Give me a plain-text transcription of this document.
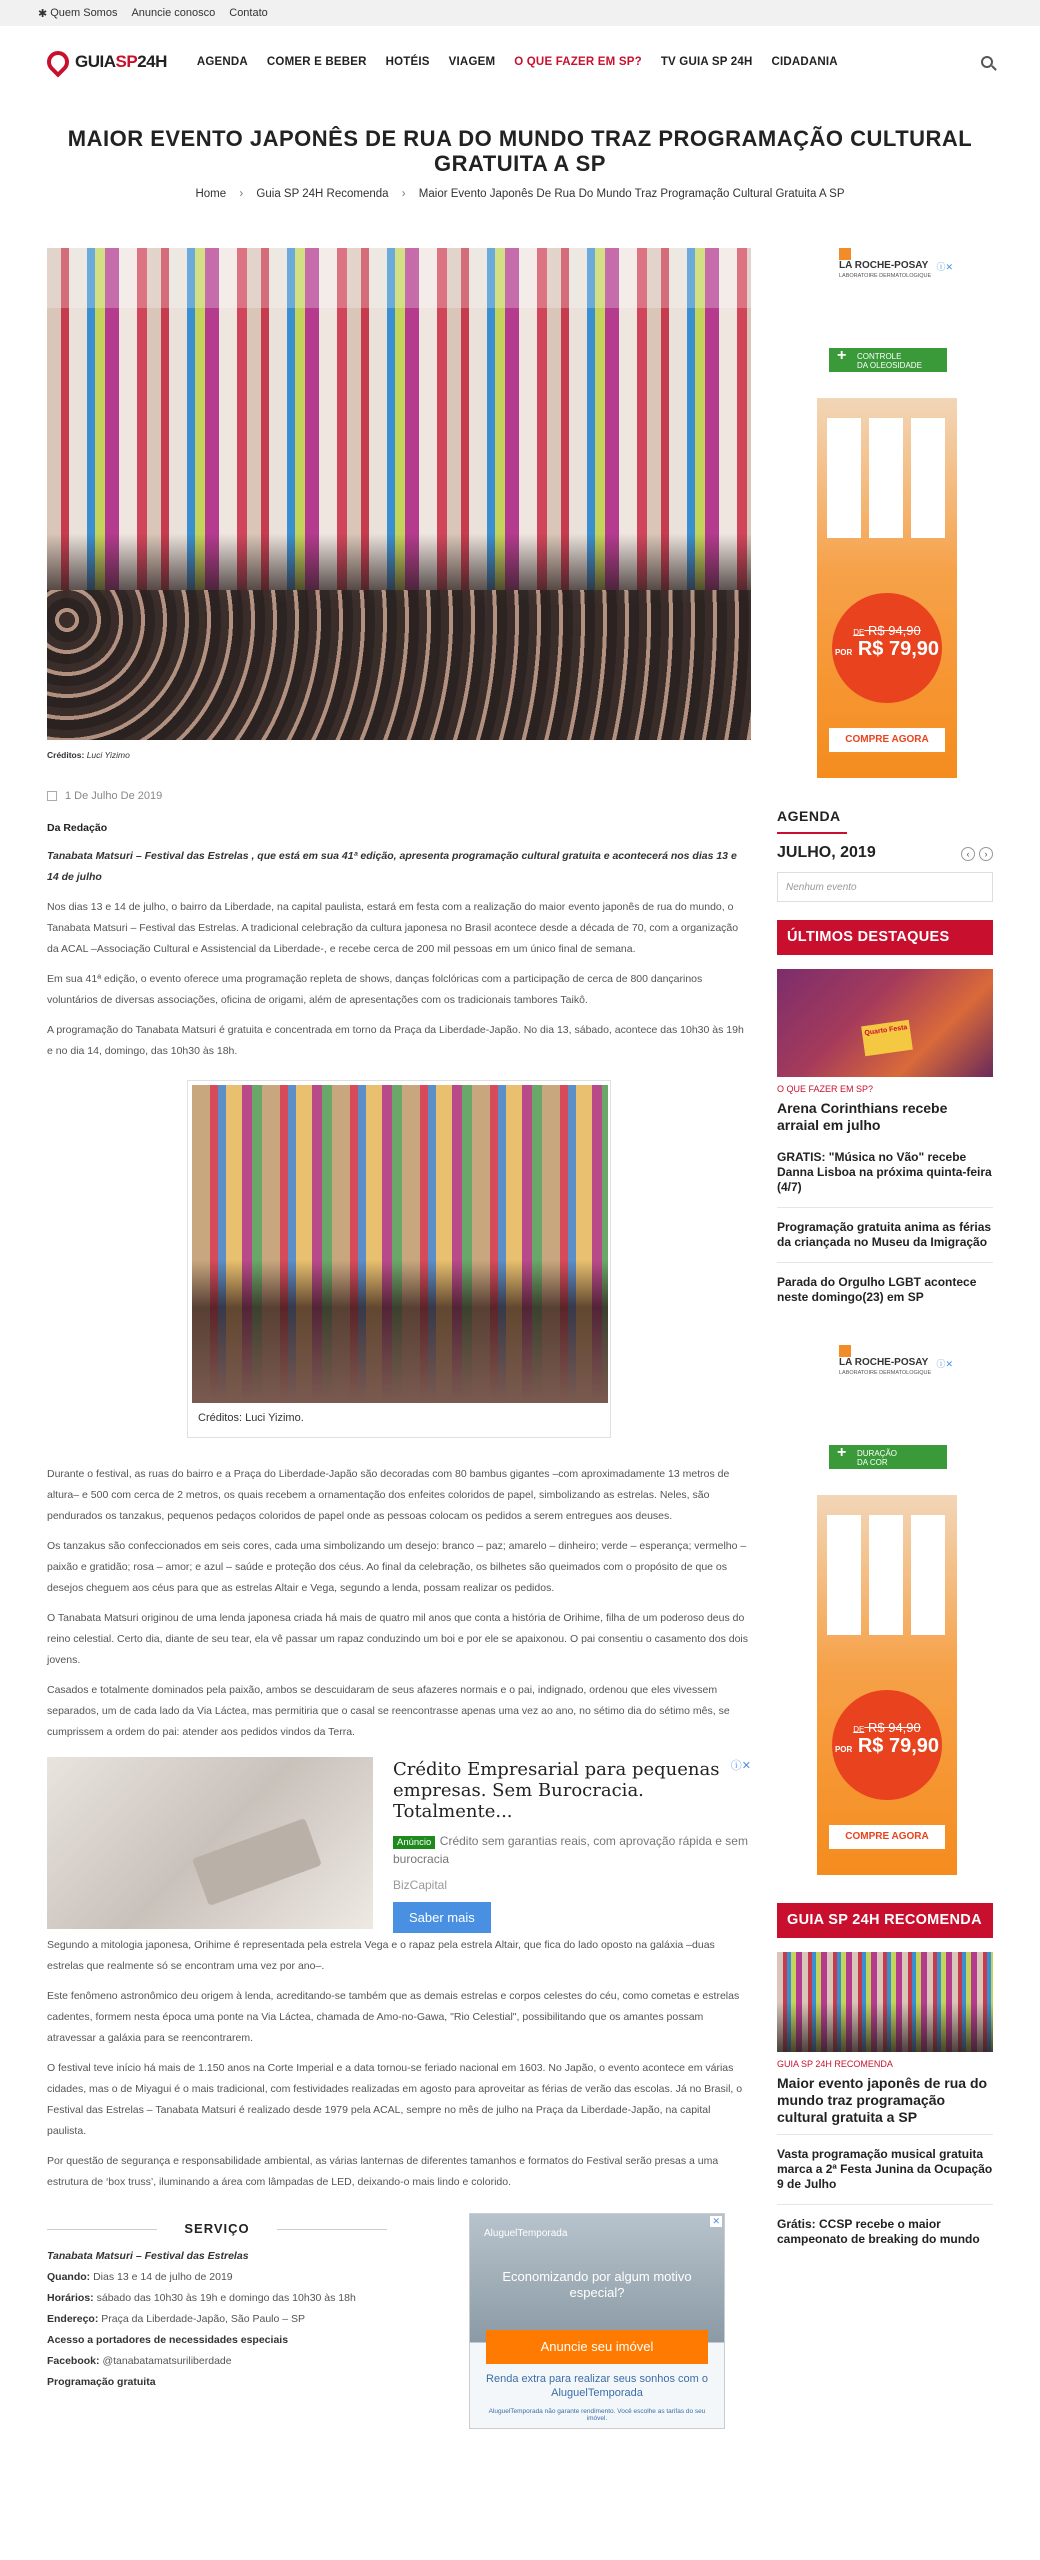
✱ Quem Somos Anuncie conosco Contato
GUIASP24H	AGENDA COMER E BEBER HOTÉIS VIAGEM O QUE FAZER EM SP? TV GUIA SP 24H CIDADANIA
MAIOR EVENTO JAPONÊS DE RUA DO MUNDO TRAZ PROGRAMAÇÃO CULTURAL GRATUITA A SP
Home › Guia SP 24H Recomenda › Maior Evento Japonês De Rua Do Mundo Traz Programação Cultural Gratuita A SP
Créditos: Luci Yizimo
1 De Julho De 2019
Da Redação
Tanabata Matsuri – Festival das Estrelas , que está em sua 41ª edição, apresenta programação cultural gratuita e acontecerá nos dias 13 e 14 de julho

Nos dias 13 e 14 de julho, o bairro da Liberdade, na capital paulista, estará em festa com a realização do maior evento japonês de rua do mundo, o Tanabata Matsuri – Festival das Estrelas. A tradicional celebração da cultura japonesa no Brasil acontece desde a década de 70, com a organização da ACAL –Associação Cultural e Assistencial da Liberdade-, e recebe cerca de 200 mil pessoas em um único final de semana.

Em sua 41ª edição, o evento oferece uma programação repleta de shows, danças folclóricas com a participação de cerca de 800 dançarinos voluntários de diversas associações, oficina de origami, além de apresentações com os tradicionais tambores Taikô.

A programação do Tanabata Matsuri é gratuita e concentrada em torno da Praça da Liberdade-Japão. No dia 13, sábado, acontece das 10h30 às 19h e no dia 14, domingo, das 10h30 às 18h.

Créditos: Luci Yizimo.

Durante o festival, as ruas do bairro e a Praça do Liberdade-Japão são decoradas com 80 bambus gigantes –com aproximadamente 13 metros de altura– e 500 com cerca de 2 metros, os quais recebem a ornamentação dos enfeites coloridos de papel, simbolizando as estrelas. Neles, são pendurados os tanzakus, pequenos pedaços coloridos de papel onde as pessoas colocam os pedidos a serem entregues aos deuses.

Os tanzakus são confeccionados em seis cores, cada uma simbolizando um desejo: branco – paz; amarelo – dinheiro; verde – esperança; vermelho – paixão e gratidão; rosa – amor; e azul – saúde e proteção dos céus. Ao final da celebração, os bilhetes são queimados com o propósito de que os desejos cheguem aos céus para que as estrelas Altair e Vega, segundo a lenda, possam realizar os pedidos.

O Tanabata Matsuri originou de uma lenda japonesa criada há mais de quatro mil anos que conta a história de Orihime, filha de um poderoso deus do reino celestial. Certo dia, diante de seu tear, ela vê passar um rapaz conduzindo um boi e por ele se apaixonou. O pai consentiu o casamento dos dois jovens.

Casados e totalmente dominados pela paixão, ambos se descuidaram de seus afazeres normais e o pai, indignado, ordenou que eles vivessem separados, um de cada lado da Via Láctea, mas permitiria que o casal se reencontrasse apenas uma vez ao ano, no sétimo dia do sétimo mês, se cumprissem a ordem do pai: atender aos pedidos vindos da Terra.

ⓘ✕
Crédito Empresarial para pequenas empresas. Sem Burocracia. Totalmente...
Anúncio Crédito sem garantias reais, com aprovação rápida e sem burocracia
BizCapital
Saber mais

Segundo a mitologia japonesa, Orihime é representada pela estrela Vega e o rapaz pela estrela Altair, que fica do lado oposto na galáxia –duas estrelas que realmente só se encontram uma vez por ano–.

Este fenômeno astronômico deu origem à lenda, acreditando-se também que as demais estrelas e corpos celestes do céu, como cometas e estrelas cadentes, formem nesta época uma ponte na Via Láctea, chamada de Amo-no-Gawa, "Rio Celestial", possibilitando que os amantes possam atravessar a galáxia para se reencontrarem.

O festival teve início há mais de 1.150 anos na Corte Imperial e a data tornou-se feriado nacional em 1603. No Japão, o evento acontece em várias cidades, mas o de Miyagui é o mais tradicional, com festividades realizadas em agosto para aproveitar as férias de verão das escolas. Já no Brasil, o Festival das Estrelas – Tanabata Matsuri é realizado desde 1979 pela ACAL, sempre no mês de julho na Praça da Liberdade-Japão, na capital paulista.

Por questão de segurança e responsabilidade ambiental, as várias lanternas de diferentes tamanhos e formatos do Festival serão presas a uma estrutura de ‘box truss’, iluminando a área com lâmpadas de LED, deixando-o mais lindo e colorido.

SERVIÇO
Tanabata Matsuri – Festival das Estrelas
Quando: Dias 13 e 14 de julho de 2019
Horários: sábado das 10h30 às 19h e domingo das 10h30 às 18h
Endereço: Praça da Liberdade-Japão, São Paulo – SP
Acesso a portadores de necessidades especiais
Facebook: @tanabatamatsuriliberdade
Programação gratuita
✕
AluguelTemporada
Economizando por algum motivo especial?
Anuncie seu imóvel
Renda extra para realizar seus sonhos com o AluguelTemporada
AluguelTemporada não garante rendimento. Você escolhe as tarifas do seu imóvel.
LA ROCHE-POSAY
LABORATOIRE DERMATOLOGIQUE
ⓘ✕
+ CONTROLE
DA OLEOSIDADE
DE R$ 94,90
POR R$ 79,90
COMPRE AGORA
AGENDA
JULHO, 2019	‹ ›
Nenhum evento
ÚLTIMOS DESTAQUES
Quarto Festa
O QUE FAZER EM SP?
Arena Corinthians recebe arraial em julho
GRATIS: "Música no Vão" recebe Danna Lisboa na próxima quinta-feira (4/7)
Programação gratuita anima as férias da criançada no Museu da Imigração
Parada do Orgulho LGBT acontece neste domingo(23) em SP
LA ROCHE-POSAY
LABORATOIRE DERMATOLOGIQUE
ⓘ✕
+ DURAÇÃO
DA COR
DE R$ 94,90
POR R$ 79,90
COMPRE AGORA
GUIA SP 24H RECOMENDA
GUIA SP 24H RECOMENDA
Maior evento japonês de rua do mundo traz programação cultural gratuita a SP
Vasta programação musical gratuita marca a 2ª Festa Junina da Ocupação 9 de Julho
Grátis: CCSP recebe o maior campeonato de breaking do mundo
